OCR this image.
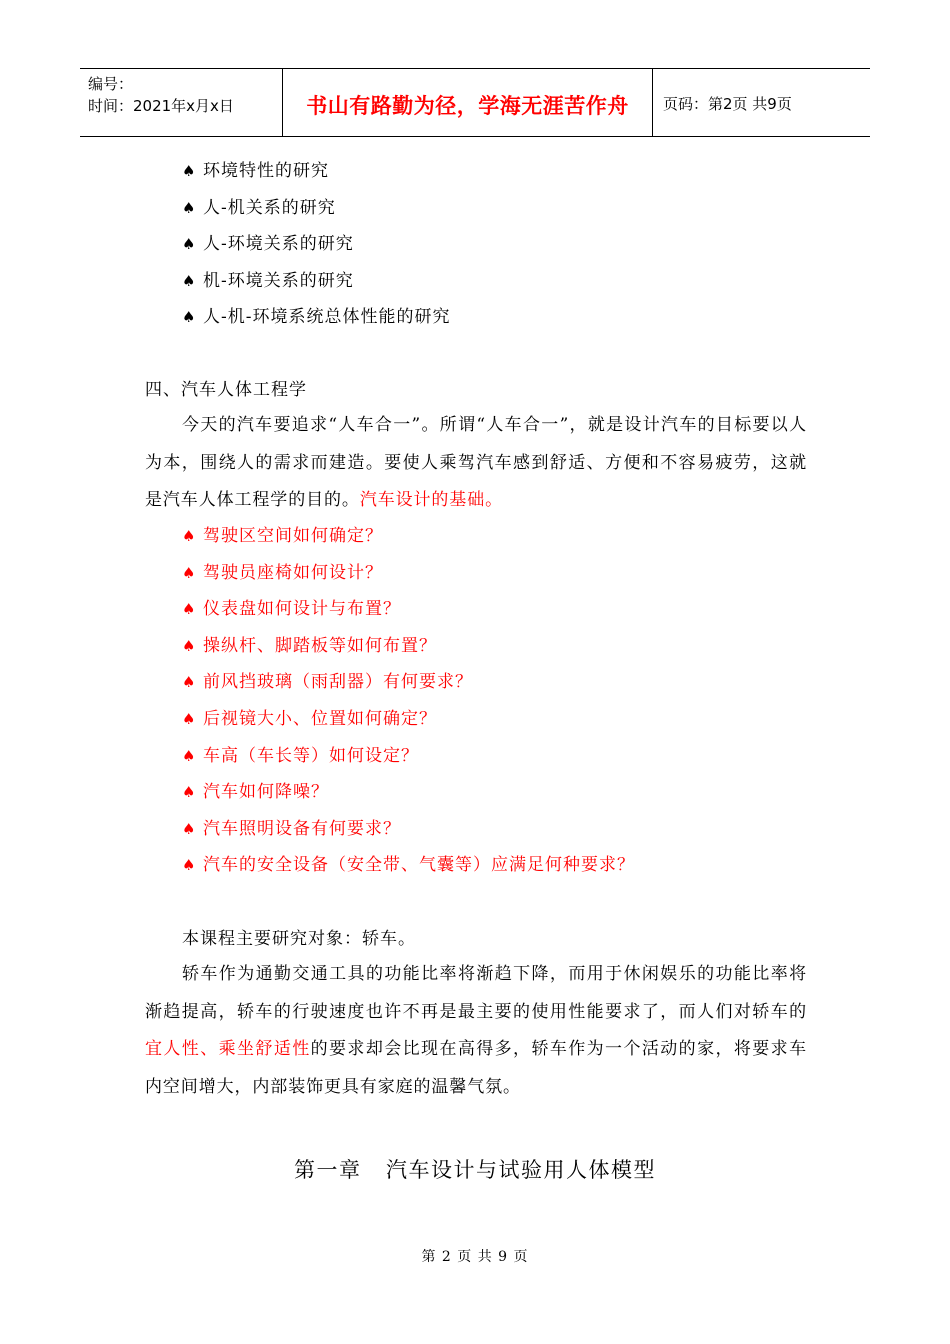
编号：
时间：2021年x月x日	书山有路勤为径，学海无涯苦作舟	页码：第2页 共9页
♠ 环境特性的研究
♠ 人-机关系的研究
♠ 人-环境关系的研究
♠ 机-环境关系的研究
♠ 人-机-环境系统总体性能的研究
四、汽车人体工程学

今天的汽车要追求“人车合一”。所谓“人车合一”，就是设计汽车的目标要以人为本，围绕人的需求而建造。要使人乘驾汽车感到舒适、方便和不容易疲劳，这就是汽车人体工程学的目的。汽车设计的基础。

♠ 驾驶区空间如何确定？
♠ 驾驶员座椅如何设计？
♠ 仪表盘如何设计与布置？
♠ 操纵杆、脚踏板等如何布置？
♠ 前风挡玻璃（雨刮器）有何要求？
♠ 后视镜大小、位置如何确定？
♠ 车高（车长等）如何设定？
♠ 汽车如何降噪？
♠ 汽车照明设备有何要求？
♠ 汽车的安全设备（安全带、气囊等）应满足何种要求？
本课程主要研究对象：轿车。

轿车作为通勤交通工具的功能比率将渐趋下降，而用于休闲娱乐的功能比率将渐趋提高，轿车的行驶速度也许不再是最主要的使用性能要求了，而人们对轿车的宜人性、乘坐舒适性的要求却会比现在高得多，轿车作为一个活动的家，将要求车内空间增大，内部装饰更具有家庭的温馨气氛。

第一章   汽车设计与试验用人体模型
第 2 页 共 9 页
